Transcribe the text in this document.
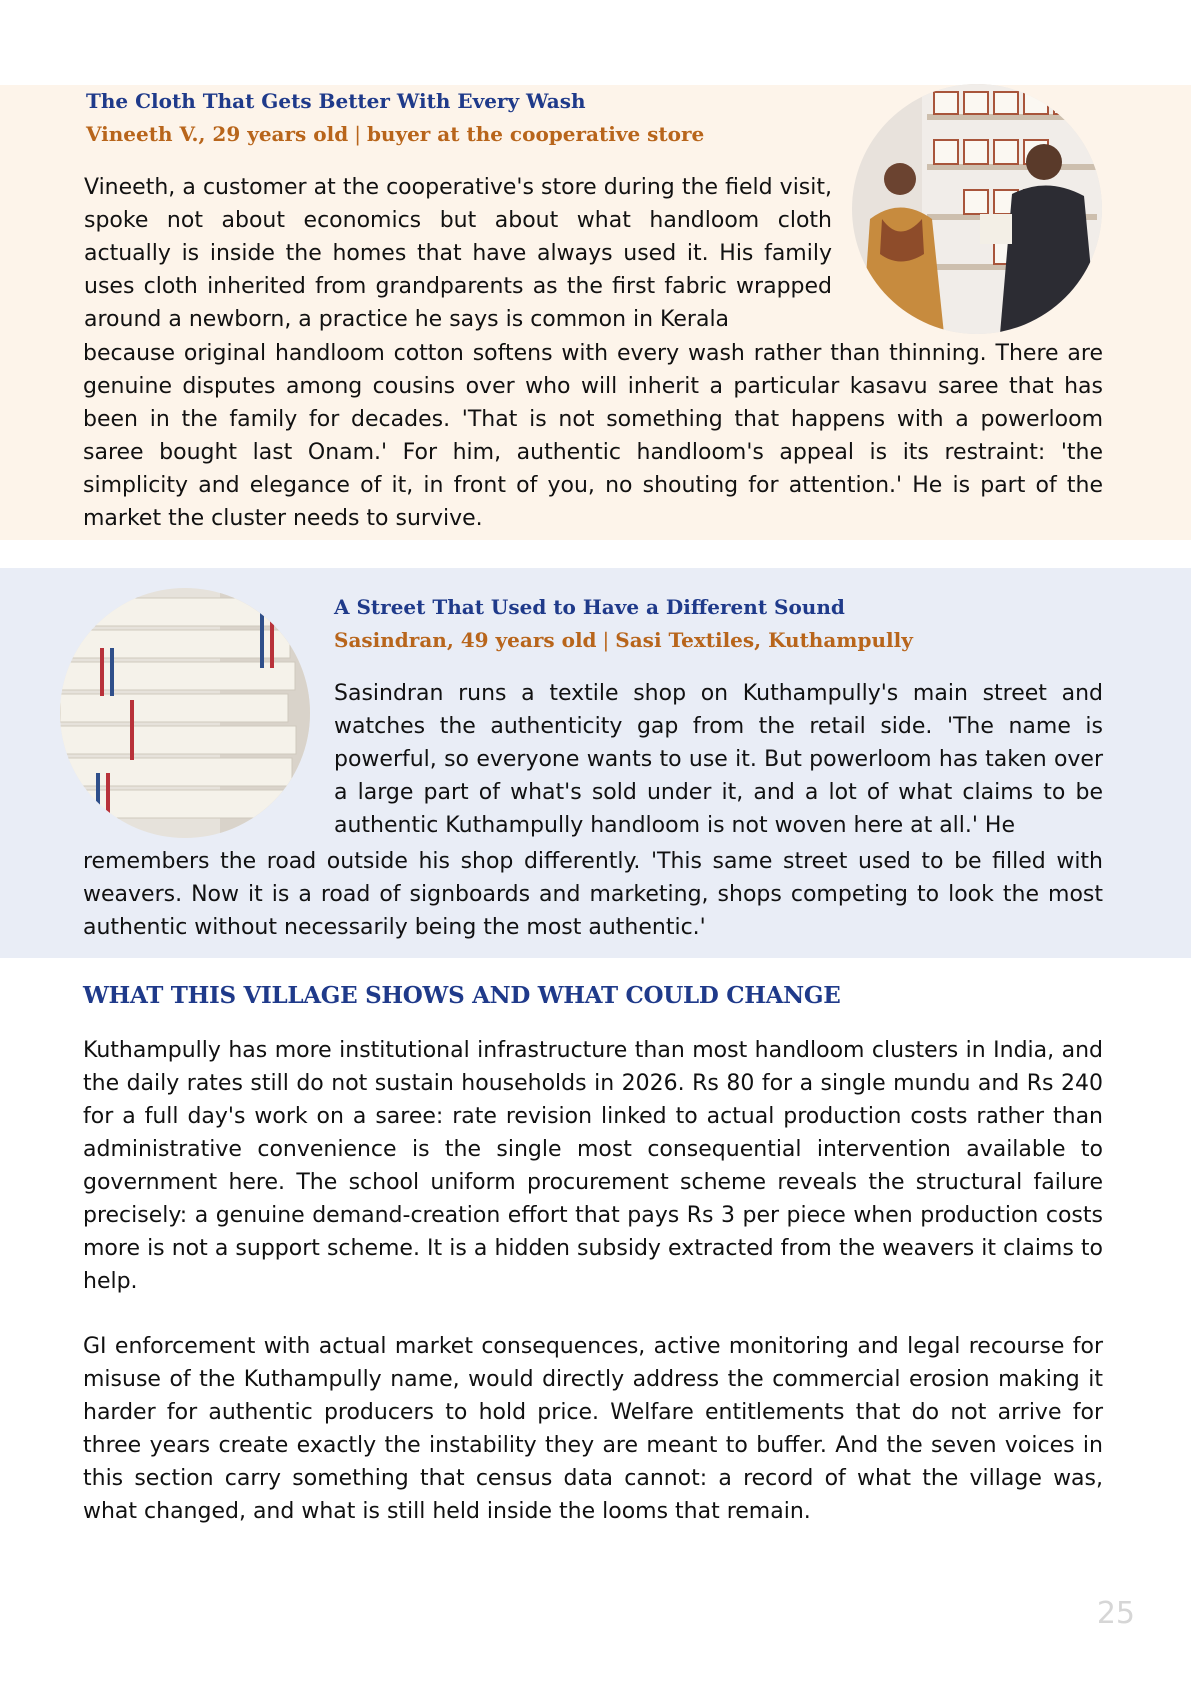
The Cloth That Gets Better With Every Wash

Vineeth V., 29 years old | buyer at the cooperative store

Vineeth, a customer at the cooperative's store during the field visit, spoke not about economics but about what handloom cloth actually is inside the homes that have always used it. His family uses cloth inherited from grandparents as the first fabric wrapped around a newborn, a practice he says is common in Kerala

because original handloom cotton softens with every wash rather than thinning. There are genuine disputes among cousins over who will inherit a particular kasavu saree that has been in the family for decades. 'That is not something that happens with a powerloom saree bought last Onam.' For him, authentic handloom's appeal is its restraint: 'the simplicity and elegance of it, in front of you, no shouting for attention.' He is part of the market the cluster needs to survive.

A Street That Used to Have a Different Sound

Sasindran, 49 years old | Sasi Textiles, Kuthampully

Sasindran runs a textile shop on Kuthampully's main street and watches the authenticity gap from the retail side. 'The name is powerful, so everyone wants to use it. But powerloom has taken over a large part of what's sold under it, and a lot of what claims to be authentic Kuthampully handloom is not woven here at all.' He

remembers the road outside his shop differently. 'This same street used to be filled with weavers. Now it is a road of signboards and marketing, shops competing to look the most authentic without necessarily being the most authentic.'

WHAT THIS VILLAGE SHOWS AND WHAT COULD CHANGE

Kuthampully has more institutional infrastructure than most handloom clusters in India, and the daily rates still do not sustain households in 2026. Rs 80 for a single mundu and Rs 240 for a full day's work on a saree: rate revision linked to actual production costs rather than administrative convenience is the single most consequential intervention available to government here. The school uniform procurement scheme reveals the structural failure precisely: a genuine demand-creation effort that pays Rs 3 per piece when production costs more is not a support scheme. It is a hidden subsidy extracted from the weavers it claims to help.

GI enforcement with actual market consequences, active monitoring and legal recourse for misuse of the Kuthampully name, would directly address the commercial erosion making it harder for authentic producers to hold price. Welfare entitlements that do not arrive for three years create exactly the instability they are meant to buffer. And the seven voices in this section carry something that census data cannot: a record of what the village was, what changed, and what is still held inside the looms that remain.

25
